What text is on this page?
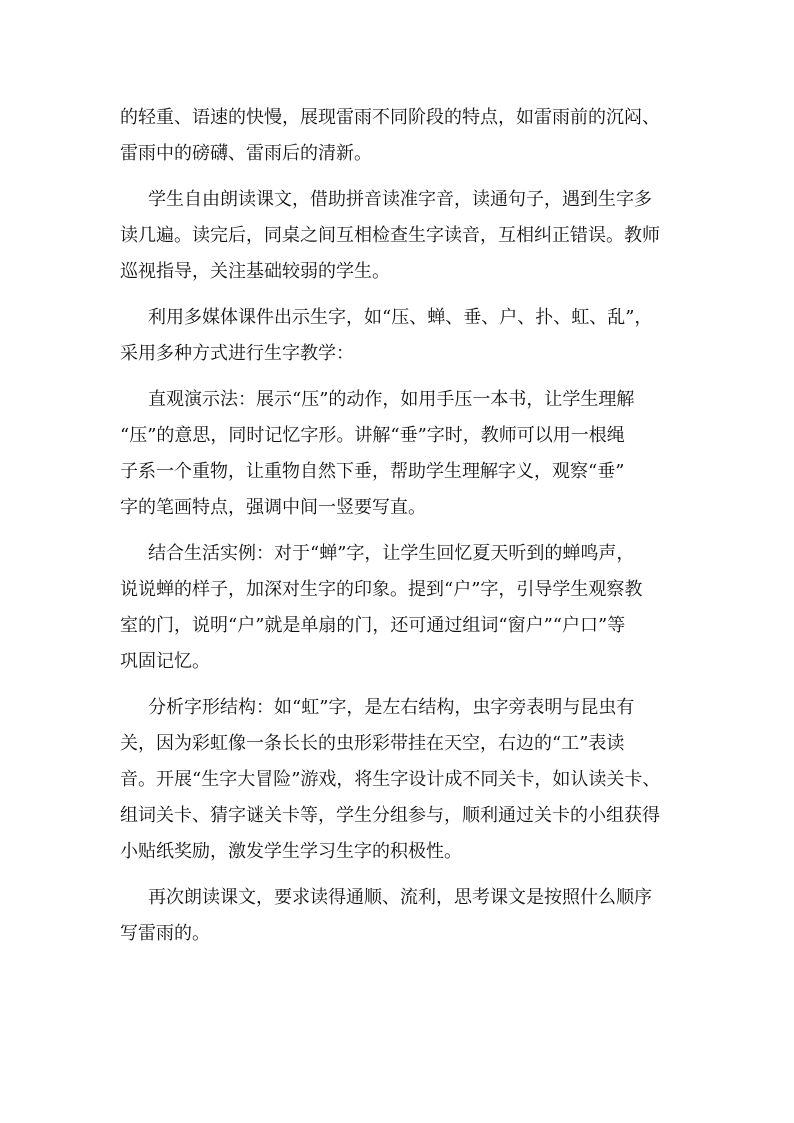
的轻重、语速的快慢，展现雷雨不同阶段的特点，如雷雨前的沉闷、
雷雨中的磅礴、雷雨后的清新。
学生自由朗读课文，借助拼音读准字音，读通句子，遇到生字多
读几遍。读完后，同桌之间互相检查生字读音，互相纠正错误。教师
巡视指导，关注基础较弱的学生。
利用多媒体课件出示生字，如“压、蝉、垂、户、扑、虹、乱”，
采用多种方式进行生字教学：
直观演示法：展示“压”的动作，如用手压一本书，让学生理解
“压”的意思，同时记忆字形。讲解“垂”字时，教师可以用一根绳
子系一个重物，让重物自然下垂，帮助学生理解字义，观察“垂”
字的笔画特点，强调中间一竖要写直。
结合生活实例：对于“蝉”字，让学生回忆夏天听到的蝉鸣声，
说说蝉的样子，加深对生字的印象。提到“户”字，引导学生观察教
室的门，说明“户”就是单扇的门，还可通过组词“窗户”“户口”等
巩固记忆。
分析字形结构：如“虹”字，是左右结构，虫字旁表明与昆虫有
关，因为彩虹像一条长长的虫形彩带挂在天空，右边的“工”表读
音。开展“生字大冒险”游戏，将生字设计成不同关卡，如认读关卡、
组词关卡、猜字谜关卡等，学生分组参与，顺利通过关卡的小组获得
小贴纸奖励，激发学生学习生字的积极性。
再次朗读课文，要求读得通顺、流利，思考课文是按照什么顺序
写雷雨的。
